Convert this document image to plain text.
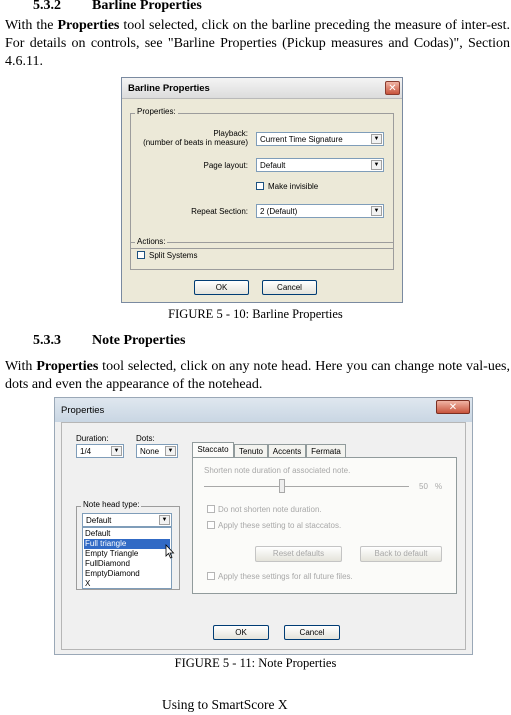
5.3.2 Barline Properties
With the Properties tool selected, click on the barline preceding the measure of inter-est. For details on controls, see "Barline Properties (Pickup measures and Codas)", Section 4.6.11.
Barline Properties	✕
Properties:
Playback:
(number of beats in measure) Current Time Signature	▼
Page layout: Default	▼
Make invisible
Repeat Section: 2 (Default)	▼
Actions:
Split Systems
OK	Cancel
FIGURE 5 - 10: Barline Properties
5.3.3 Note Properties
With Properties tool selected, click on any note head. Here you can change note val-ues, dots and even the appearance of the notehead.
Properties	✕
Duration:
1/4	▼
Dots:
None	▼	Staccato	Tenuto	Accents	Fermata
Shorten note duration of associated note.
50 %
Do not shorten note duration.
Apply these setting to al staccatos.
Reset defaults	Back to default
Apply these settings for all future files.
Note head type:
Default	▼
Default
Full triangle
Empty Triangle
FullDiamond
EmptyDiamond
X
OK	Cancel
FIGURE 5 - 11: Note Properties
Using to SmartScore X
